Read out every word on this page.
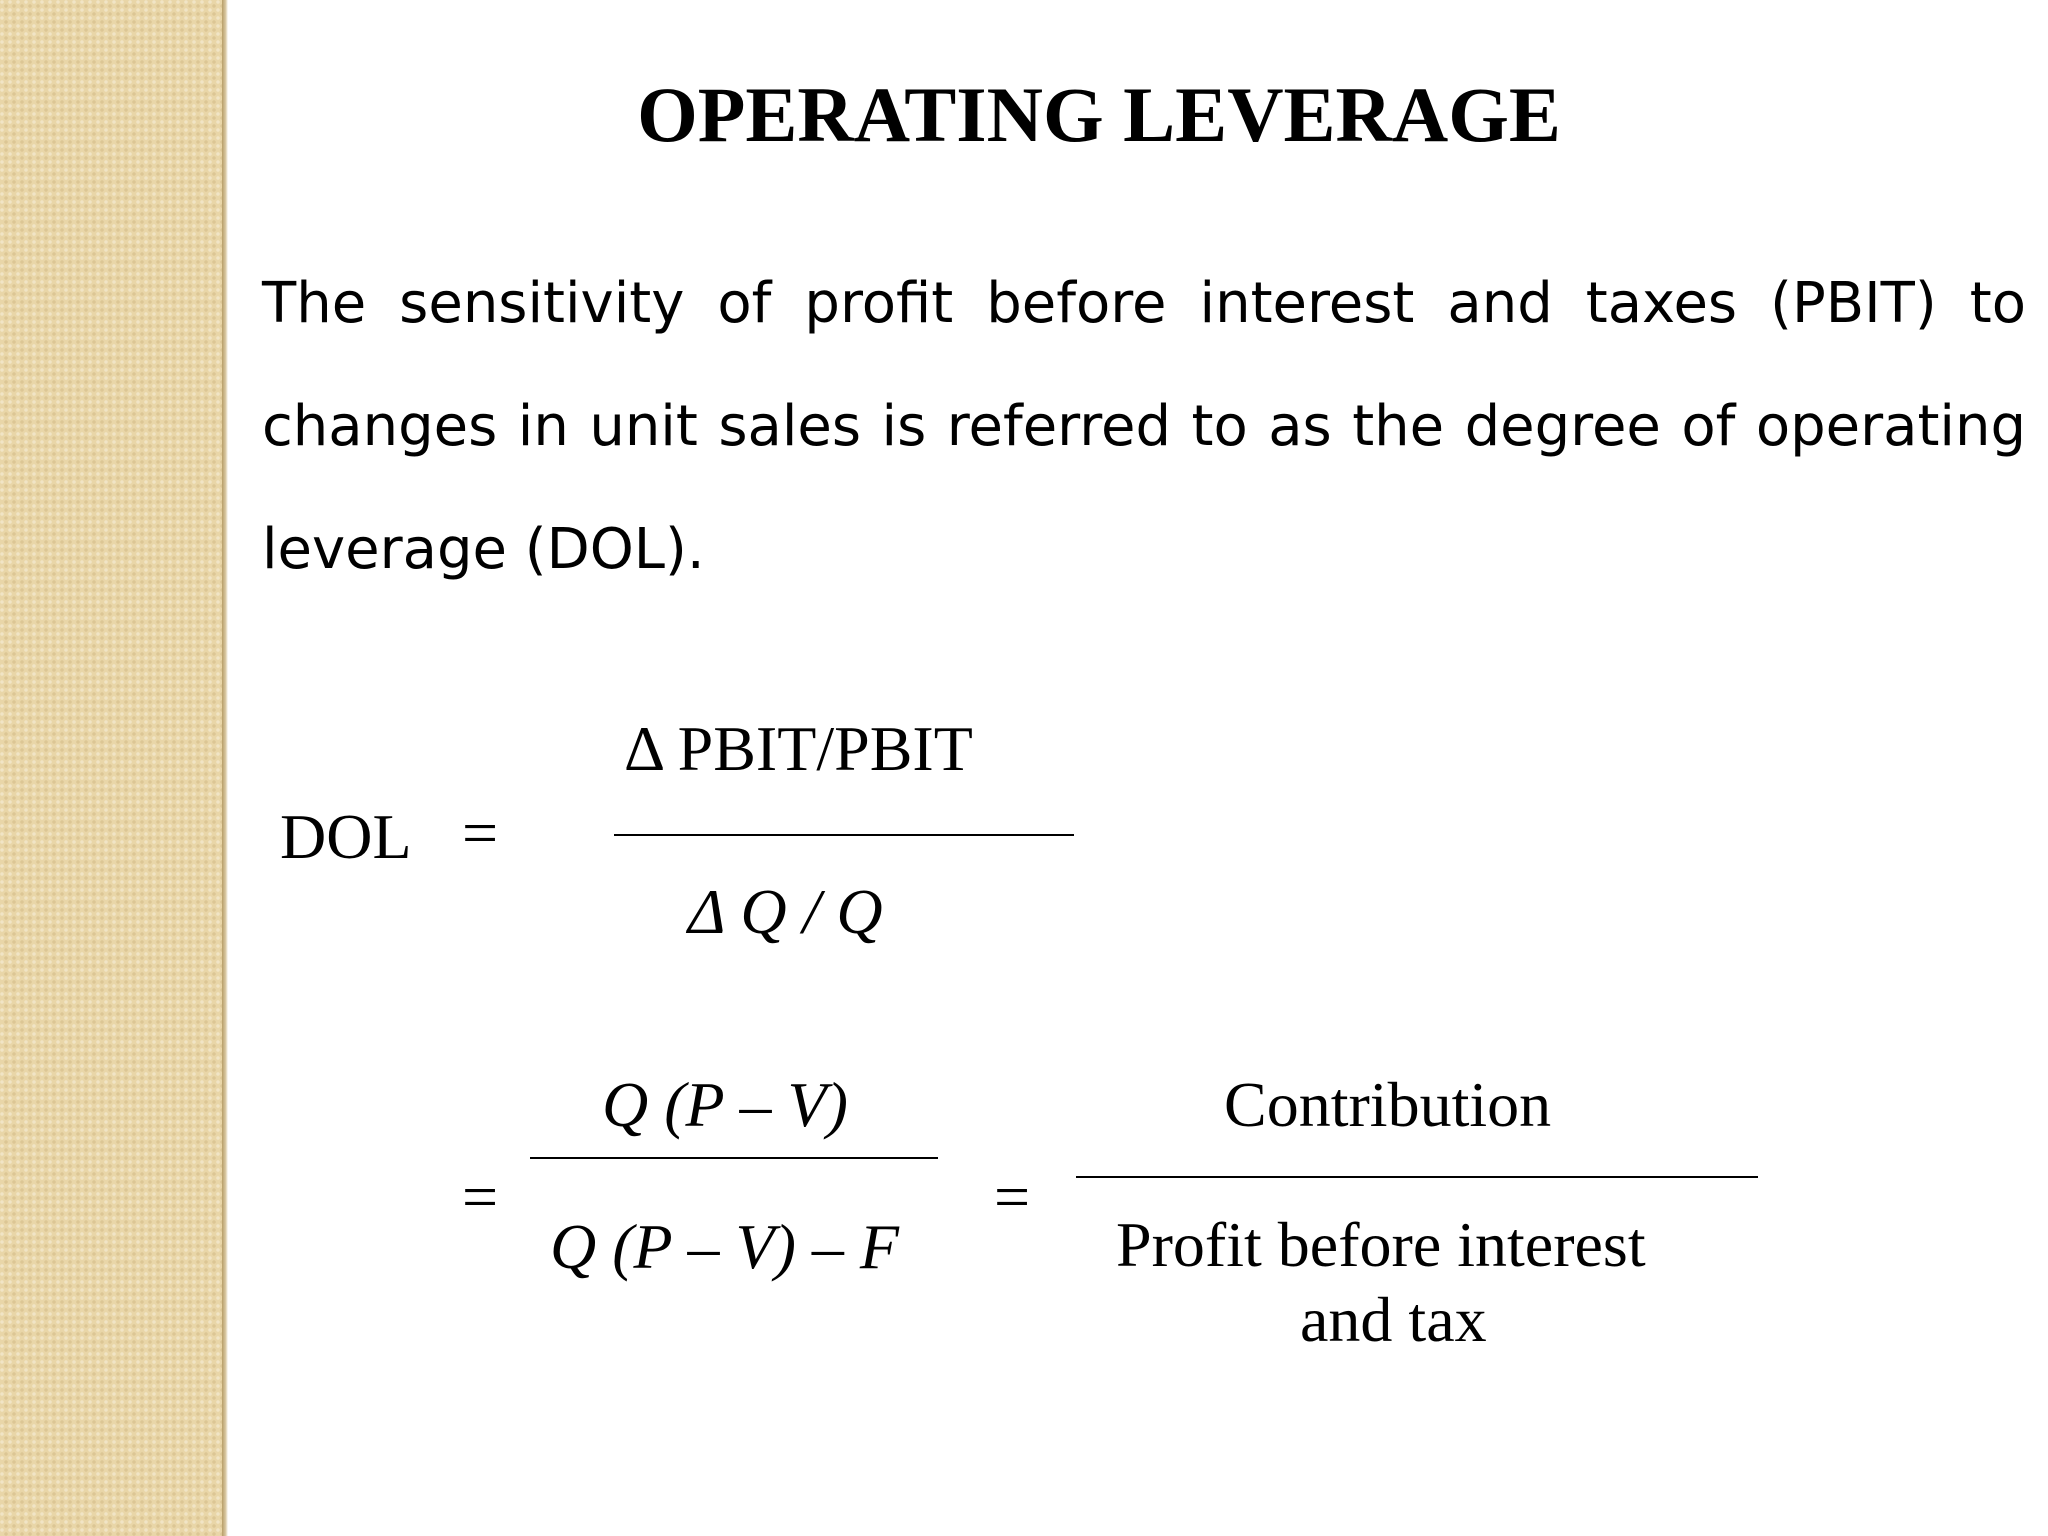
OPERATING LEVERAGE
The sensitivity of profit before interest and taxes (PBIT) to changes in unit sales is referred to as the degree of operating leverage (DOL).
DOL =
Δ PBIT/PBIT
Δ Q / Q
=
Q (P – V)
Q (P – V) – F
=
Contribution
Profit before interest
and tax
